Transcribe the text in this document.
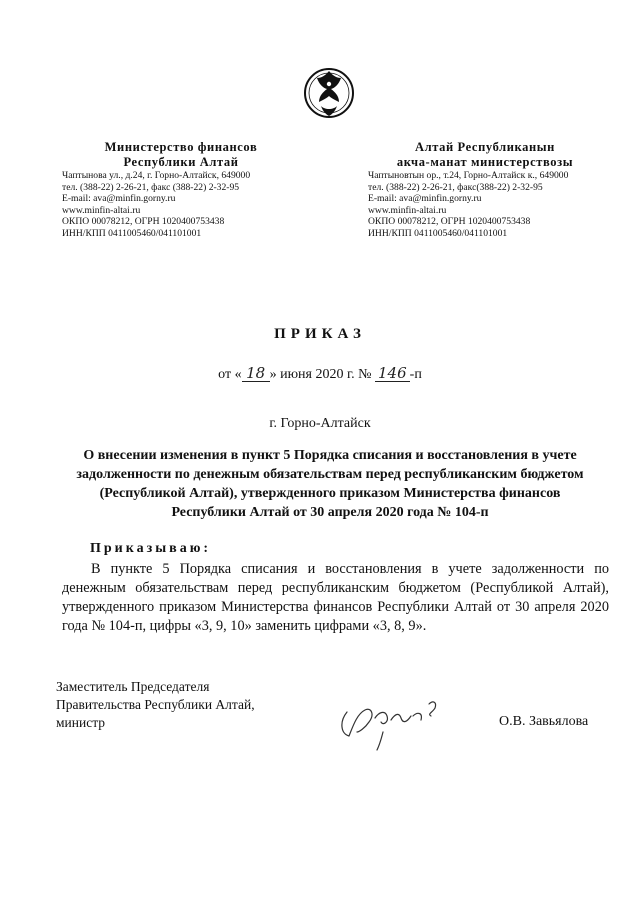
Министерство финансов
Республики Алтай
Чаптынова ул., д.24, г. Горно-Алтайск, 649000
тел. (388-22) 2-26-21, факс (388-22) 2-32-95
E-mail: ava@minfin.gorny.ru
www.minfin-altai.ru
ОКПО 00078212, ОГРН 1020400753438
ИНН/КПП 0411005460/041101001
Алтай Республиканын
акча-манат министерствозы
Чаптыновтын ор., т.24, Горно-Алтайск к., 649000
тел. (388-22) 2-26-21, факс(388-22) 2-32-95
E-mail: ava@minfin.gorny.ru
www.minfin-altai.ru
ОКПО 00078212, ОГРН 1020400753438
ИНН/КПП 0411005460/041101001
ПРИКАЗ
от « 18 » июня 2020 г. № 146 -п
г. Горно-Алтайск
О внесении изменения в пункт 5 Порядка списания и восстановления в учете задолженности по денежным обязательствам перед республиканским бюджетом (Республикой Алтай), утвержденного приказом Министерства финансов Республики Алтай от 30 апреля 2020 года № 104-п
Приказываю:
В пункте 5 Порядка списания и восстановления в учете задолженности по денежным обязательствам перед республиканским бюджетом (Республикой Алтай), утвержденного приказом Министерства финансов Республики Алтай от 30 апреля 2020 года № 104-п, цифры «3, 9, 10» заменить цифрами «3, 8, 9».
Заместитель Председателя
Правительства Республики Алтай,
министр	О.В. Завьялова
